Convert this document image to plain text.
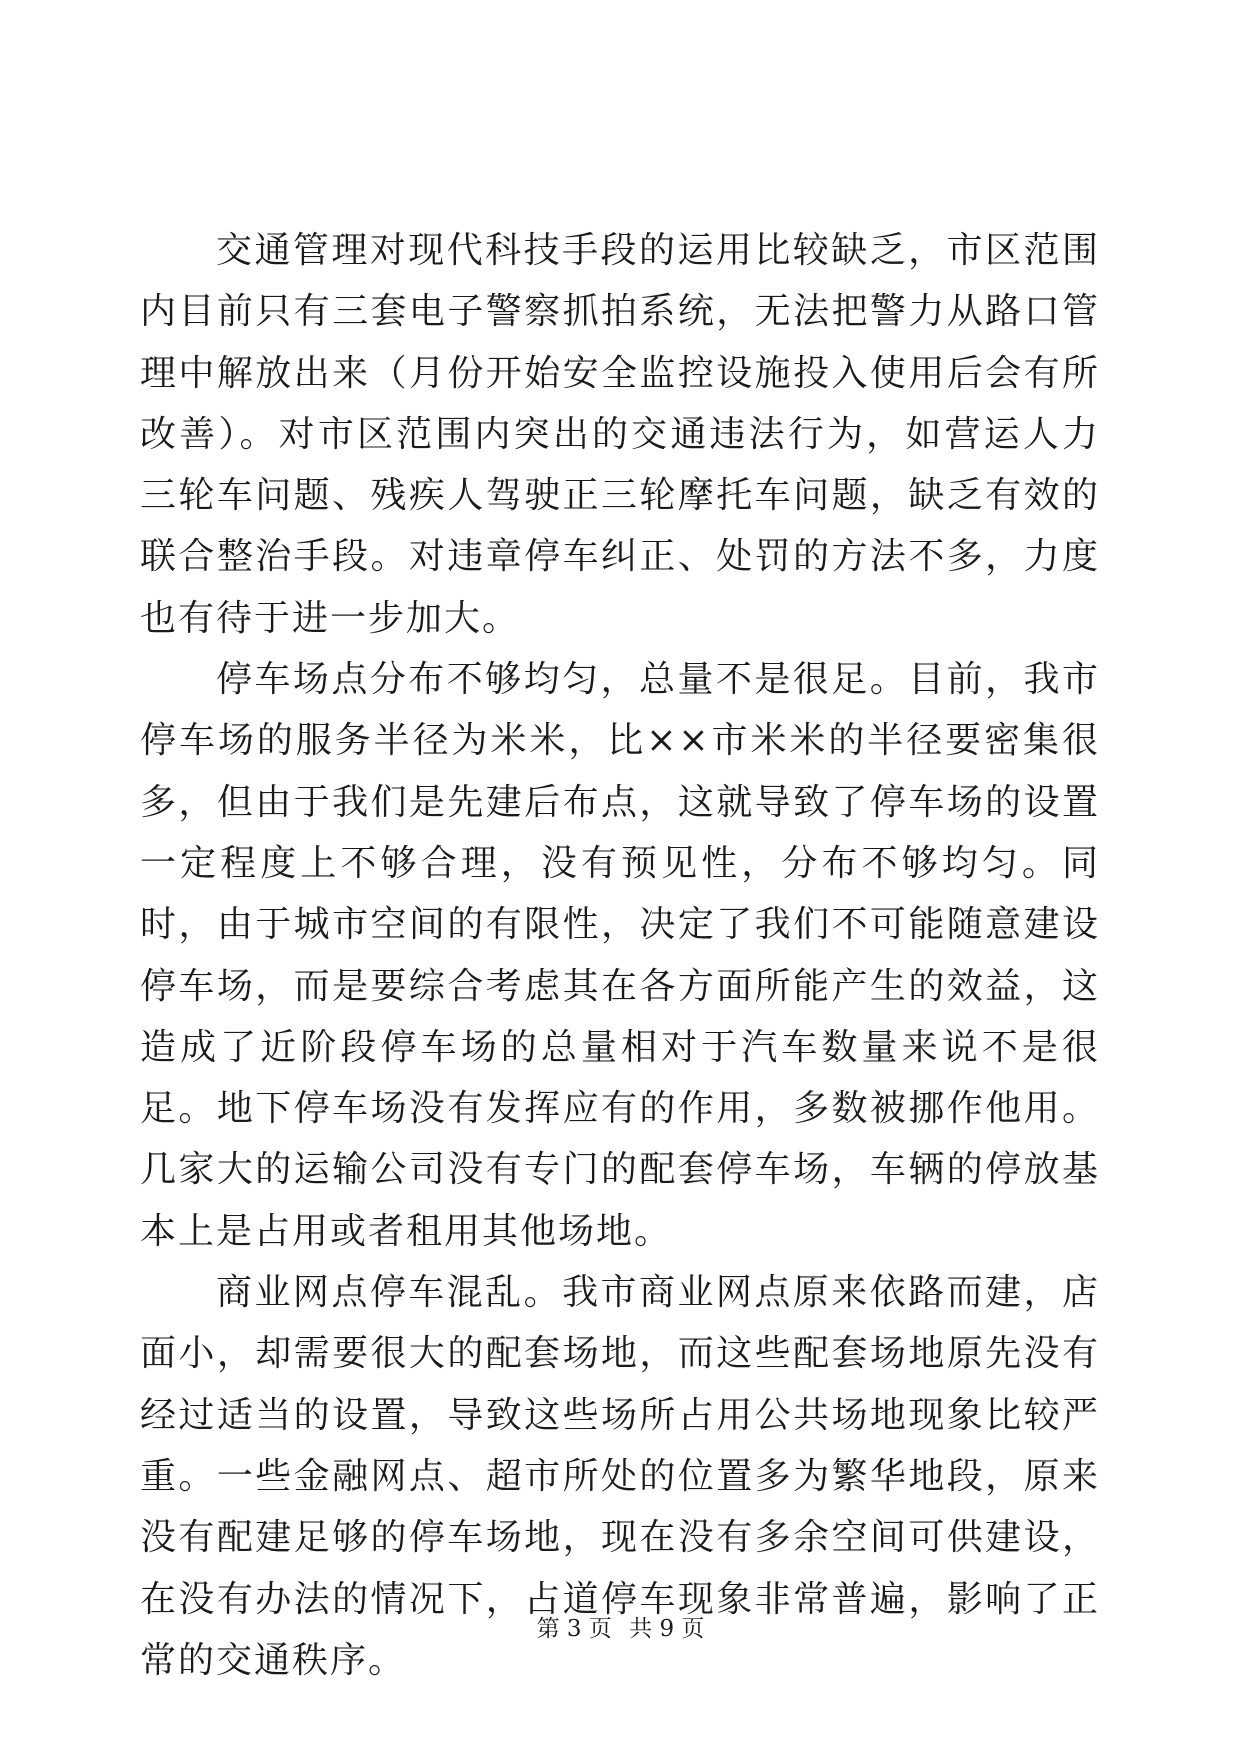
交通管理对现代科技手段的运用比较缺乏，市区范围内目前只有三套电子警察抓拍系统，无法把警力从路口管理中解放出来（月份开始安全监控设施投入使用后会有所改善）。对市区范围内突出的交通违法行为，如营运人力三轮车问题、残疾人驾驶正三轮摩托车问题，缺乏有效的联合整治手段。对违章停车纠正、处罚的方法不多，力度也有待于进一步加大。

停车场点分布不够均匀，总量不是很足。目前，我市停车场的服务半径为米米，比××市米米的半径要密集很多，但由于我们是先建后布点，这就导致了停车场的设置一定程度上不够合理，没有预见性，分布不够均匀。同时，由于城市空间的有限性，决定了我们不可能随意建设停车场，而是要综合考虑其在各方面所能产生的效益，这造成了近阶段停车场的总量相对于汽车数量来说不是很足。地下停车场没有发挥应有的作用，多数被挪作他用。几家大的运输公司没有专门的配套停车场，车辆的停放基本上是占用或者租用其他场地。

商业网点停车混乱。我市商业网点原来依路而建，店面小，却需要很大的配套场地，而这些配套场地原先没有经过适当的设置，导致这些场所占用公共场地现象比较严重。一些金融网点、超市所处的位置多为繁华地段，原来没有配建足够的停车场地，现在没有多余空间可供建设，在没有办法的情况下，占道停车现象非常普遍，影响了正常的交通秩序。

第 3 页 共 9 页
